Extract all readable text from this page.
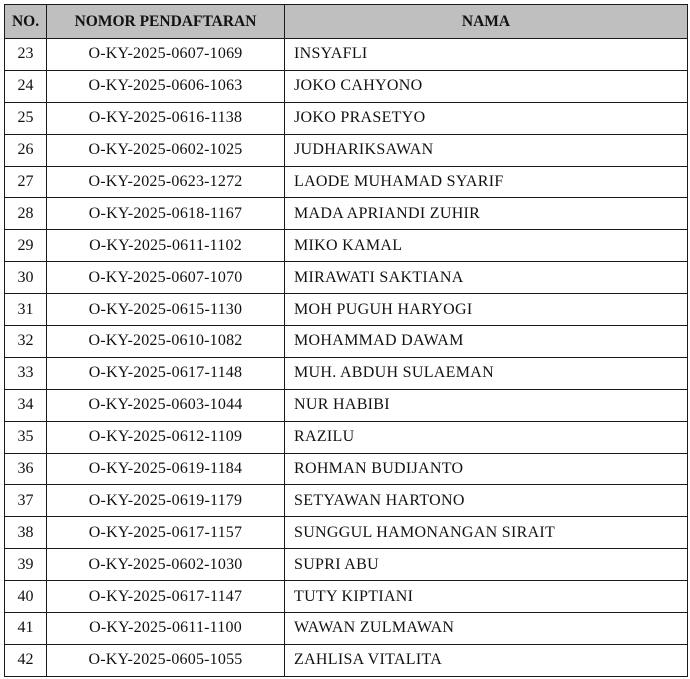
NO.	NOMOR PENDAFTARAN	NAMA
23	O-KY-2025-0607-1069	INSYAFLI
24	O-KY-2025-0606-1063	JOKO CAHYONO
25	O-KY-2025-0616-1138	JOKO PRASETYO
26	O-KY-2025-0602-1025	JUDHARIKSAWAN
27	O-KY-2025-0623-1272	LAODE MUHAMAD SYARIF
28	O-KY-2025-0618-1167	MADA APRIANDI ZUHIR
29	O-KY-2025-0611-1102	MIKO KAMAL
30	O-KY-2025-0607-1070	MIRAWATI SAKTIANA
31	O-KY-2025-0615-1130	MOH PUGUH HARYOGI
32	O-KY-2025-0610-1082	MOHAMMAD DAWAM
33	O-KY-2025-0617-1148	MUH. ABDUH SULAEMAN
34	O-KY-2025-0603-1044	NUR HABIBI
35	O-KY-2025-0612-1109	RAZILU
36	O-KY-2025-0619-1184	ROHMAN BUDIJANTO
37	O-KY-2025-0619-1179	SETYAWAN HARTONO
38	O-KY-2025-0617-1157	SUNGGUL HAMONANGAN SIRAIT
39	O-KY-2025-0602-1030	SUPRI ABU
40	O-KY-2025-0617-1147	TUTY KIPTIANI
41	O-KY-2025-0611-1100	WAWAN ZULMAWAN
42	O-KY-2025-0605-1055	ZAHLISA VITALITA
